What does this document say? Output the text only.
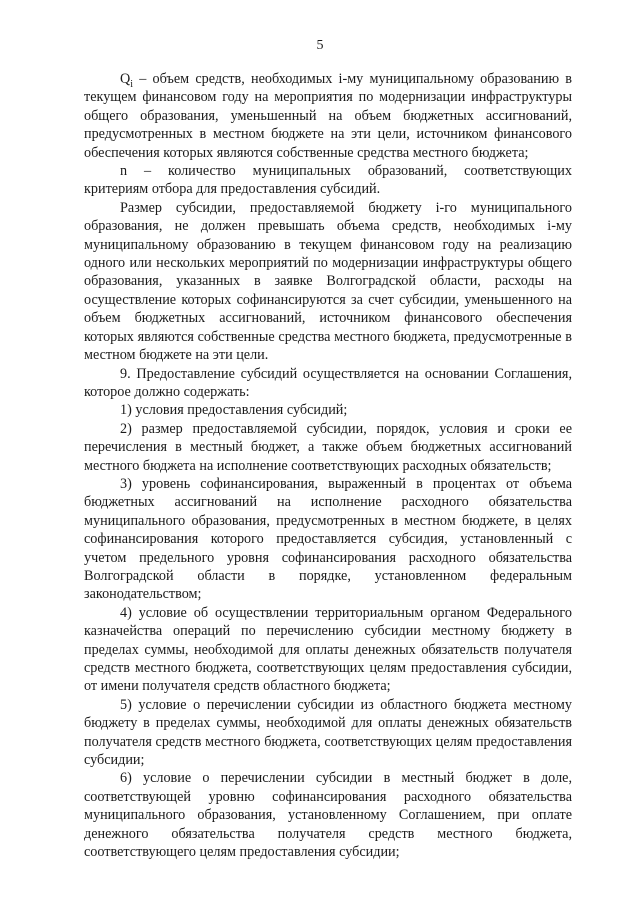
5

$Q_i$ – объем средств, необходимых i-му муниципальному образованию в текущем финансовом году на мероприятия по модернизации инфраструктуры общего образования, уменьшенный на объем бюджетных ассигнований, предусмотренных в местном бюджете на эти цели, источником финансового обеспечения которых являются собственные средства местного бюджета;

n – количество муниципальных образований, соответствующих критериям отбора для предоставления субсидий.

Размер субсидии, предоставляемой бюджету i-го муниципального образования, не должен превышать объема средств, необходимых i-му муниципальному образованию в текущем финансовом году на реализацию одного или нескольких мероприятий по модернизации инфраструктуры общего образования, указанных в заявке Волгоградской области, расходы на осуществление которых софинансируются за счет субсидии, уменьшенного на объем бюджетных ассигнований, источником финансового обеспечения которых являются собственные средства местного бюджета, предусмотренные в местном бюджете на эти цели.

9. Предоставление субсидий осуществляется на основании Соглашения, которое должно содержать:

1) условия предоставления субсидий;

2) размер предоставляемой субсидии, порядок, условия и сроки ее перечисления в местный бюджет, а также объем бюджетных ассигнований местного бюджета на исполнение соответствующих расходных обязательств;

3) уровень софинансирования, выраженный в процентах от объема бюджетных ассигнований на исполнение расходного обязательства муниципального образования, предусмотренных в местном бюджете, в целях софинансирования которого предоставляется субсидия, установленный с учетом предельного уровня софинансирования расходного обязательства Волгоградской области в порядке, установленном федеральным законодательством;

4) условие об осуществлении территориальным органом Федерального казначейства операций по перечислению субсидии местному бюджету в пределах суммы, необходимой для оплаты денежных обязательств получателя средств местного бюджета, соответствующих целям предоставления субсидии, от имени получателя средств областного бюджета;

5) условие о перечислении субсидии из областного бюджета местному бюджету в пределах суммы, необходимой для оплаты денежных обязательств получателя средств местного бюджета, соответствующих целям предоставления субсидии;

6) условие о перечислении субсидии в местный бюджет в доле, соответствующей уровню софинансирования расходного обязательства муниципального образования, установленному Соглашением, при оплате денежного обязательства получателя средств местного бюджета, соответствующего целям предоставления субсидии;
